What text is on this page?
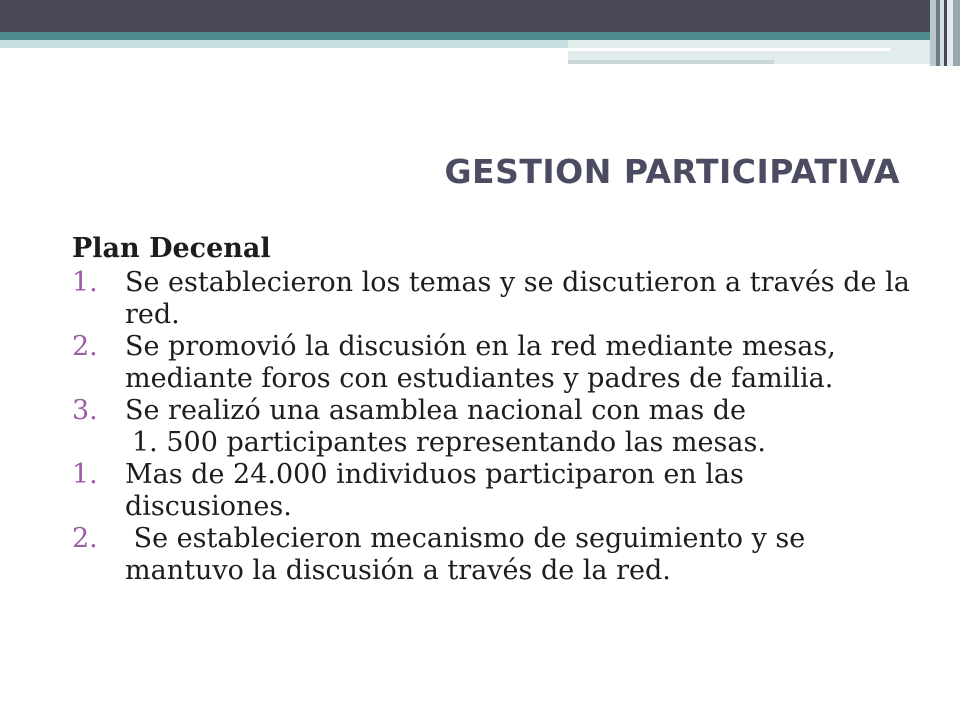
GESTION PARTICIPATIVA

Plan Decenal

1. Se establecieron los temas y se discutieron a través de la red.
2. Se promovió la discusión en la red mediante mesas, mediante foros con estudiantes y padres de familia.
3. Se realizó una asamblea nacional con mas de

1. 500 participantes representando las mesas.

1. Mas de 24.000 individuos participaron en las discusiones.
2. Se establecieron mecanismo de seguimiento y se mantuvo la discusión a través de la red.
